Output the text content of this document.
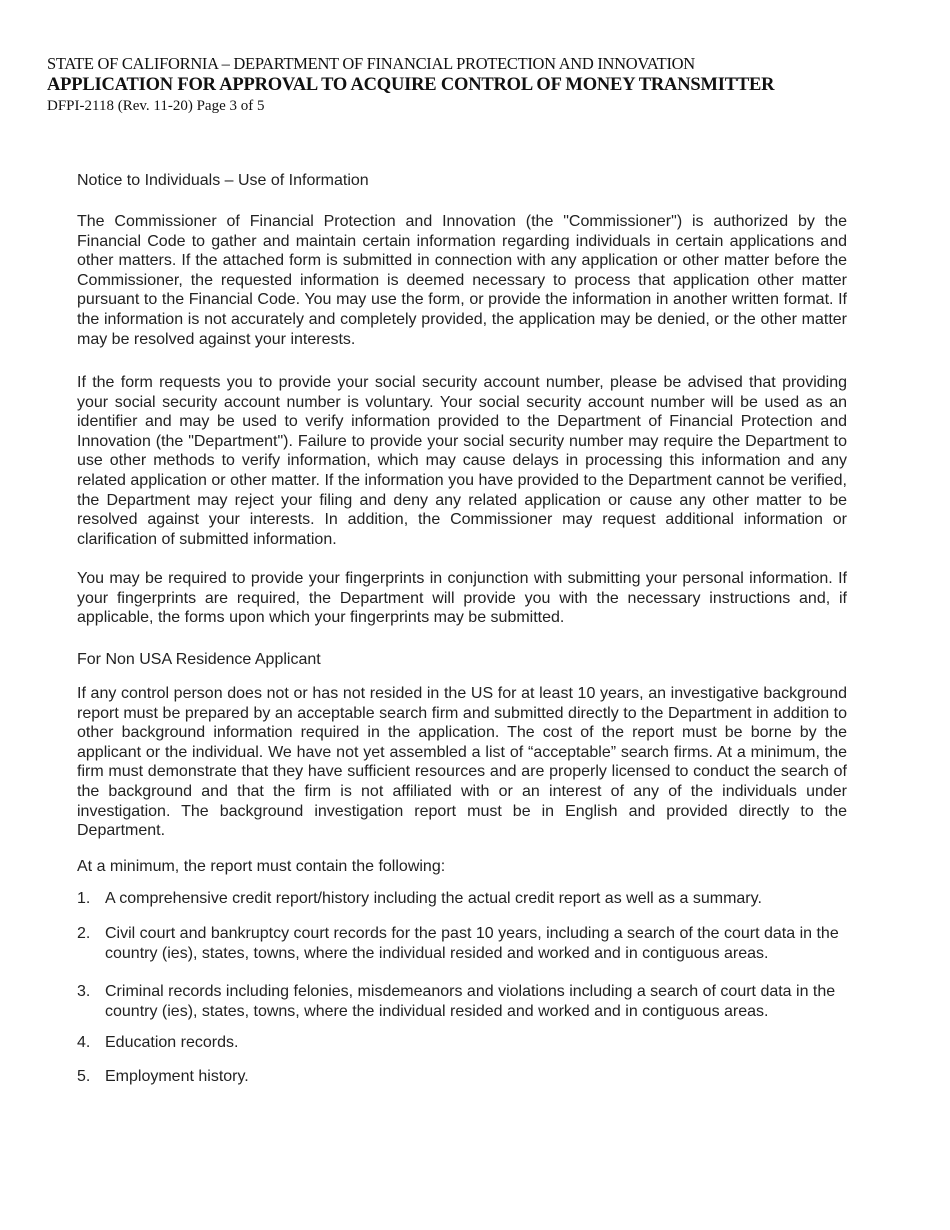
STATE OF CALIFORNIA – DEPARTMENT OF FINANCIAL PROTECTION AND INNOVATION
APPLICATION FOR APPROVAL TO ACQUIRE CONTROL OF MONEY TRANSMITTER
DFPI-2118 (Rev. 11-20) Page 3 of 5
Notice to Individuals – Use of Information
The Commissioner of Financial Protection and Innovation (the "Commissioner") is authorized by the Financial Code to gather and maintain certain information regarding individuals in certain applications and other matters. If the attached form is submitted in connection with any application or other matter before the Commissioner, the requested information is deemed necessary to process that application other matter pursuant to the Financial Code. You may use the form, or provide the information in another written format. If the information is not accurately and completely provided, the application may be denied, or the other matter may be resolved against your interests.
If the form requests you to provide your social security account number, please be advised that providing your social security account number is voluntary. Your social security account number will be used as an identifier and may be used to verify information provided to the Department of Financial Protection and Innovation (the "Department"). Failure to provide your social security number may require the Department to use other methods to verify information, which may cause delays in processing this information and any related application or other matter. If the information you have provided to the Department cannot be verified, the Department may reject your filing and deny any related application or cause any other matter to be resolved against your interests. In addition, the Commissioner may request additional information or clarification of submitted information.
You may be required to provide your fingerprints in conjunction with submitting your personal information. If your fingerprints are required, the Department will provide you with the necessary instructions and, if applicable, the forms upon which your fingerprints may be submitted.
For Non USA Residence Applicant
If any control person does not or has not resided in the US for at least 10 years, an investigative background report must be prepared by an acceptable search firm and submitted directly to the Department in addition to other background information required in the application. The cost of the report must be borne by the applicant or the individual. We have not yet assembled a list of “acceptable” search firms. At a minimum, the firm must demonstrate that they have sufficient resources and are properly licensed to conduct the search of the background and that the firm is not affiliated with or an interest of any of the individuals under investigation. The background investigation report must be in English and provided directly to the Department.
At a minimum, the report must contain the following:
1. A comprehensive credit report/history including the actual credit report as well as a summary.
2. Civil court and bankruptcy court records for the past 10 years, including a search of the court data in the country (ies), states, towns, where the individual resided and worked and in contiguous areas.
3. Criminal records including felonies, misdemeanors and violations including a search of court data in the country (ies), states, towns, where the individual resided and worked and in contiguous areas.
4. Education records.
5. Employment history.
